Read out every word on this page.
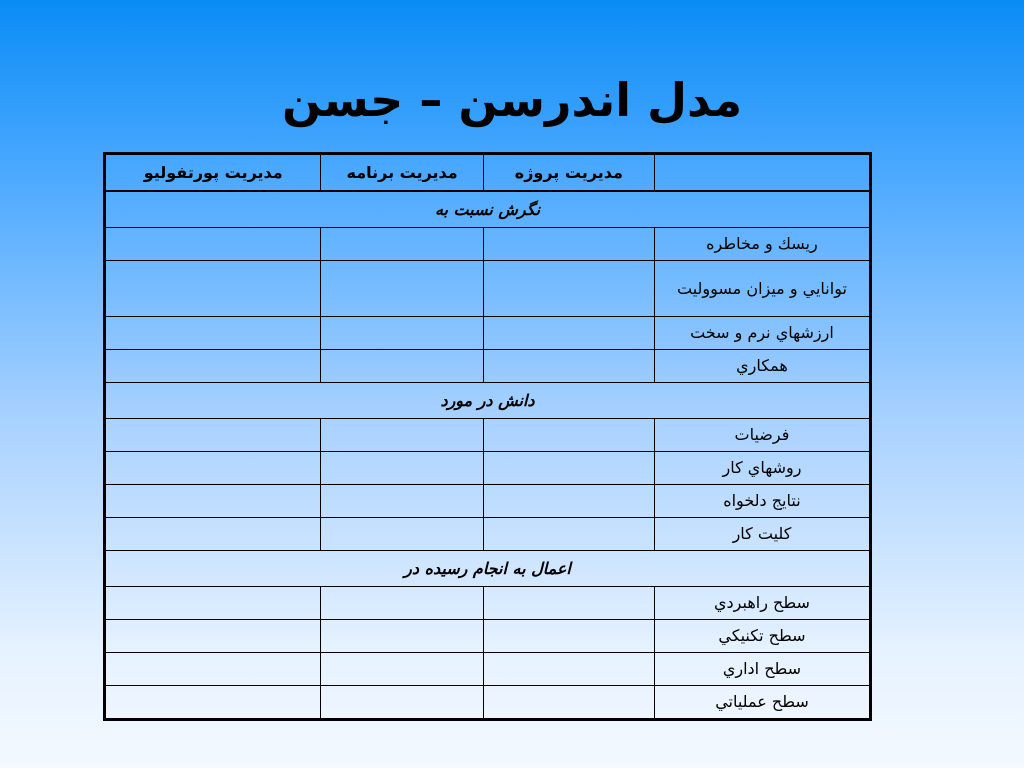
مدل اندرسن – جسن
	مديريت پروژه	مديريت برنامه	مديريت پورتفوليو
نگرش نسبت به			
ريسك و مخاطره			
توانايي و ميزان مسوولیت			
ارزشهاي نرم و سخت			
همكاري			
دانش در مورد			
فرضيات			
روشهاي كار			
نتايج دلخواه			
كليت كار			
اعمال به انجام رسيده در			
سطح راهبردي			
سطح تكنيكي			
سطح اداري			
سطح عملياتي			
